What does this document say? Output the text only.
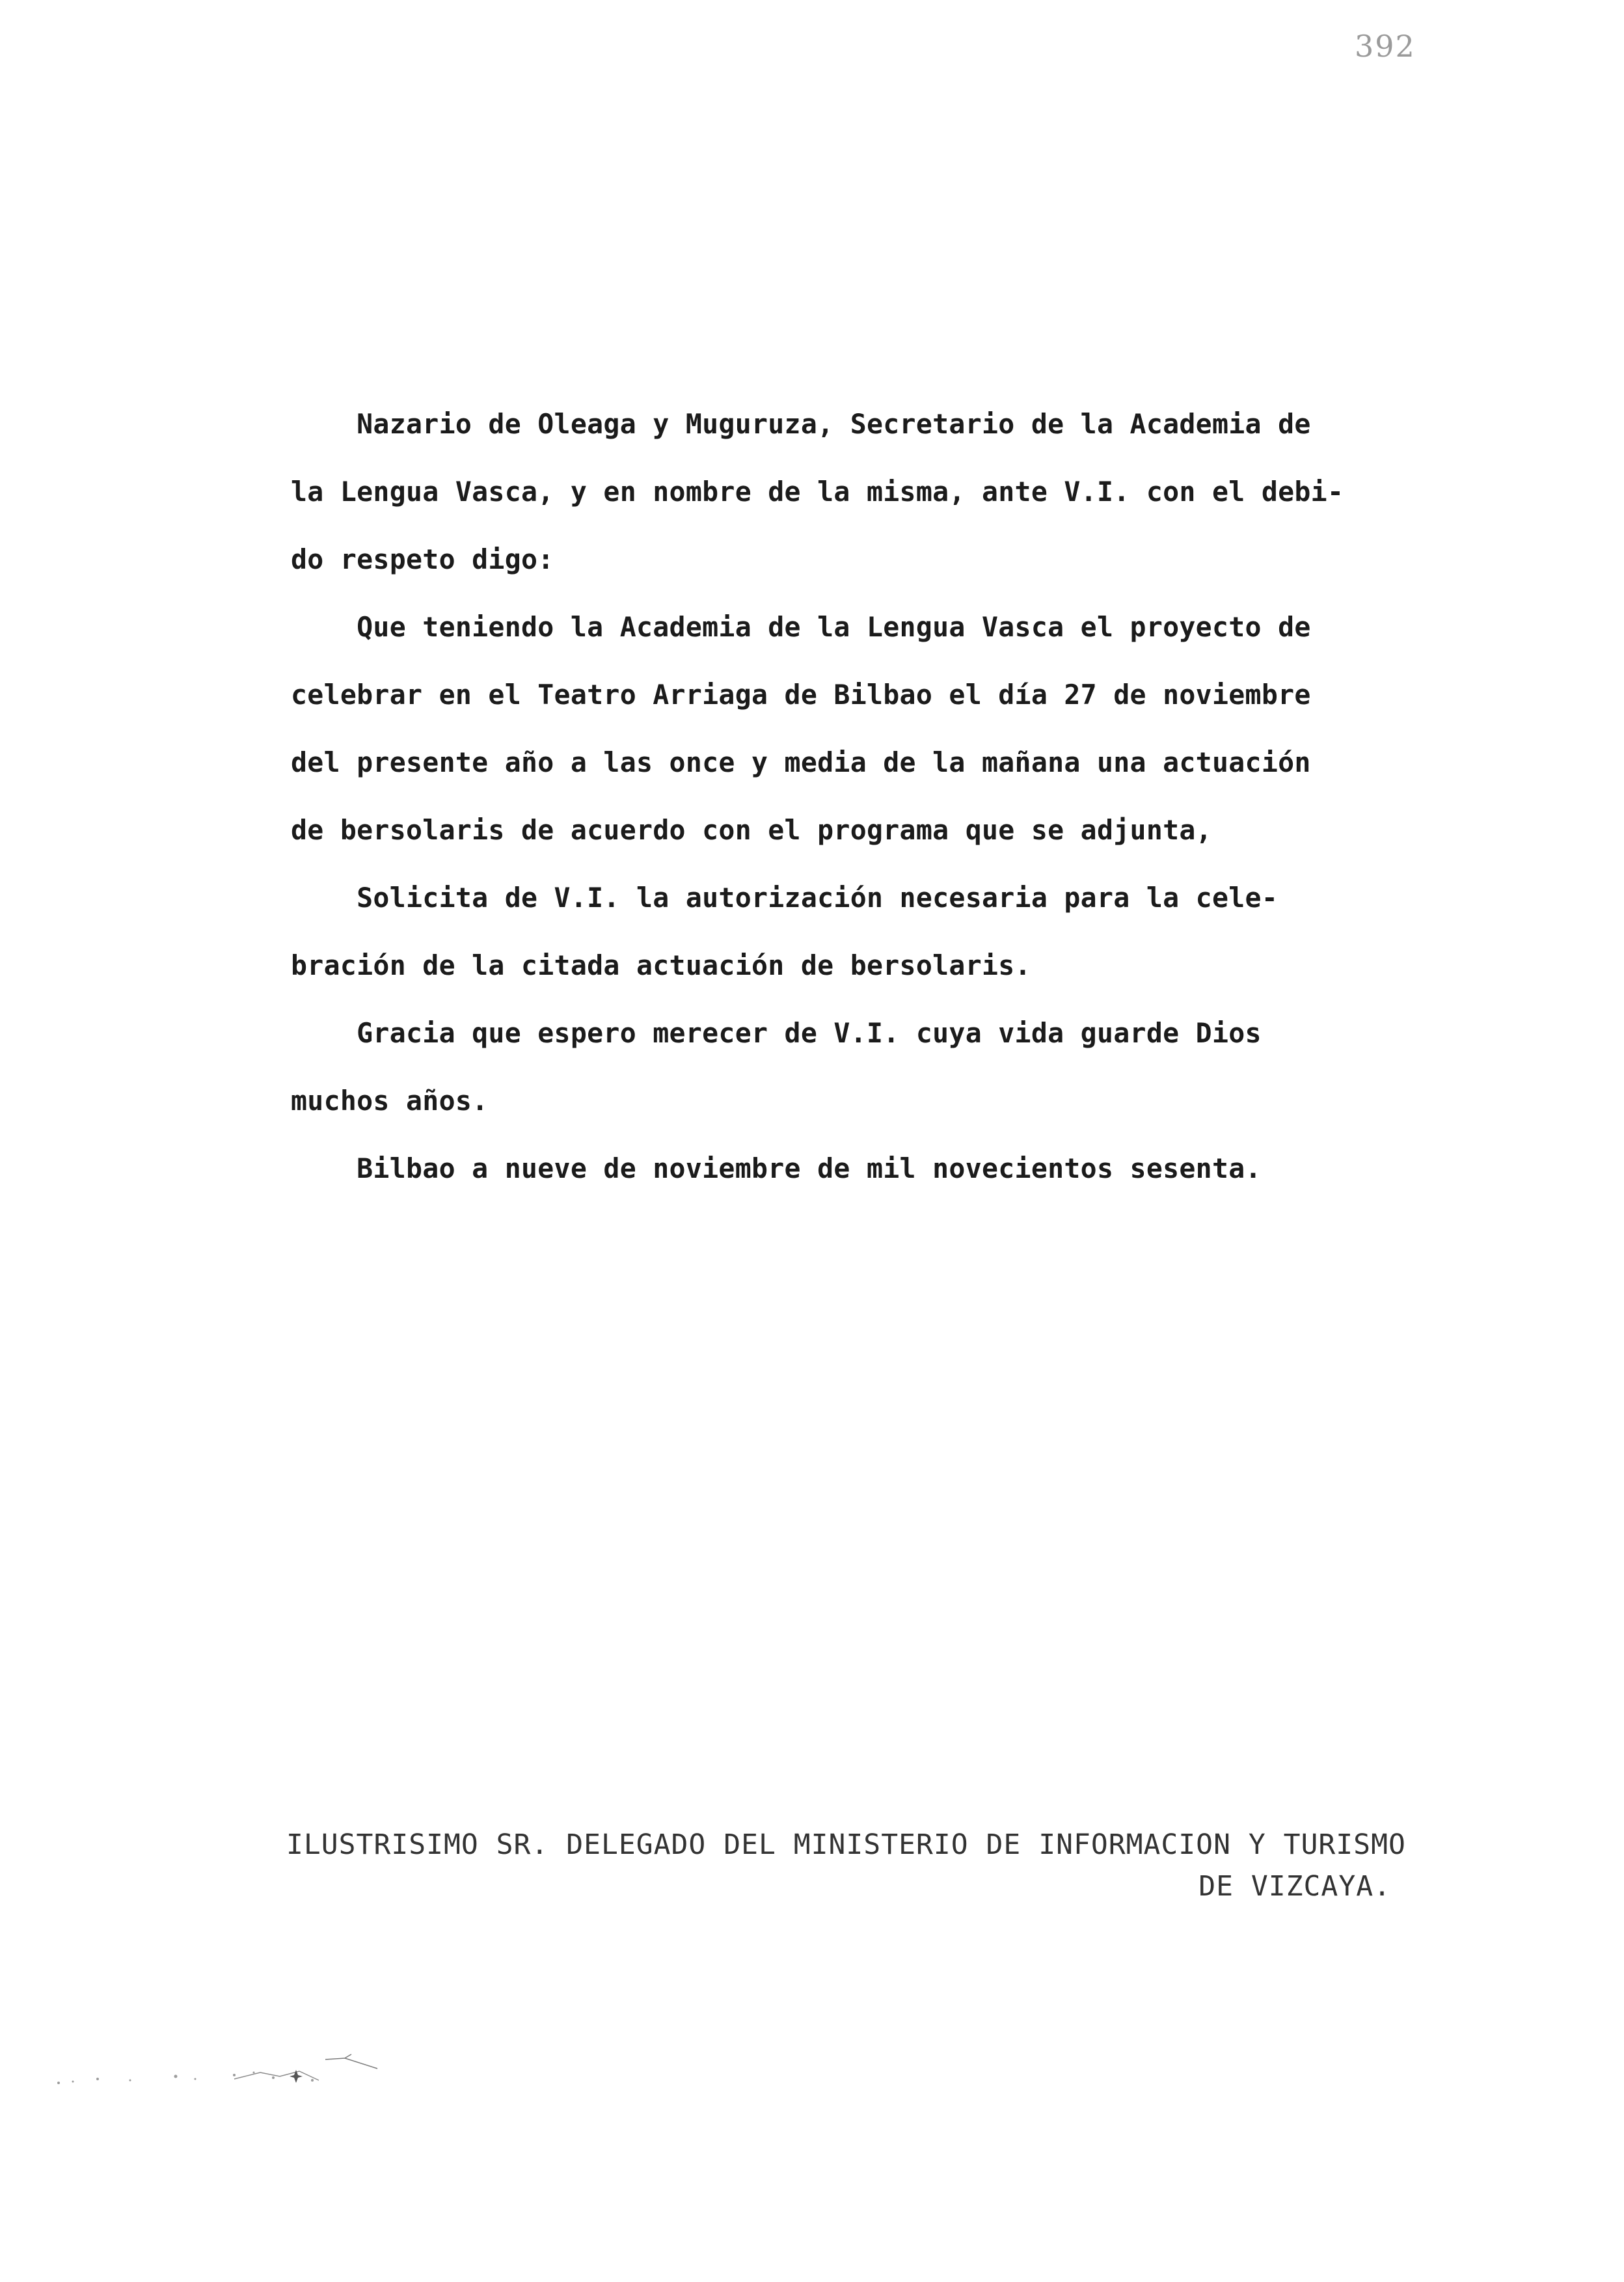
392
Nazario de Oleaga y Muguruza, Secretario de la Academia de
la Lengua Vasca, y en nombre de la misma, ante V.I. con el debi-
do respeto digo:
Que teniendo la Academia de la Lengua Vasca el proyecto de
celebrar en el Teatro Arriaga de Bilbao el día 27 de noviembre
del presente año a las once y media de la mañana una actuación
de bersolaris de acuerdo con el programa que se adjunta,
Solicita de V.I. la autorización necesaria para la cele-
bración de la citada actuación de bersolaris.
Gracia que espero merecer de V.I. cuya vida guarde Dios
muchos años.
Bilbao a nueve de noviembre de mil novecientos sesenta.
ILUSTRISIMO SR. DELEGADO DEL MINISTERIO DE INFORMACION Y TURISMO
DE VIZCAYA.
